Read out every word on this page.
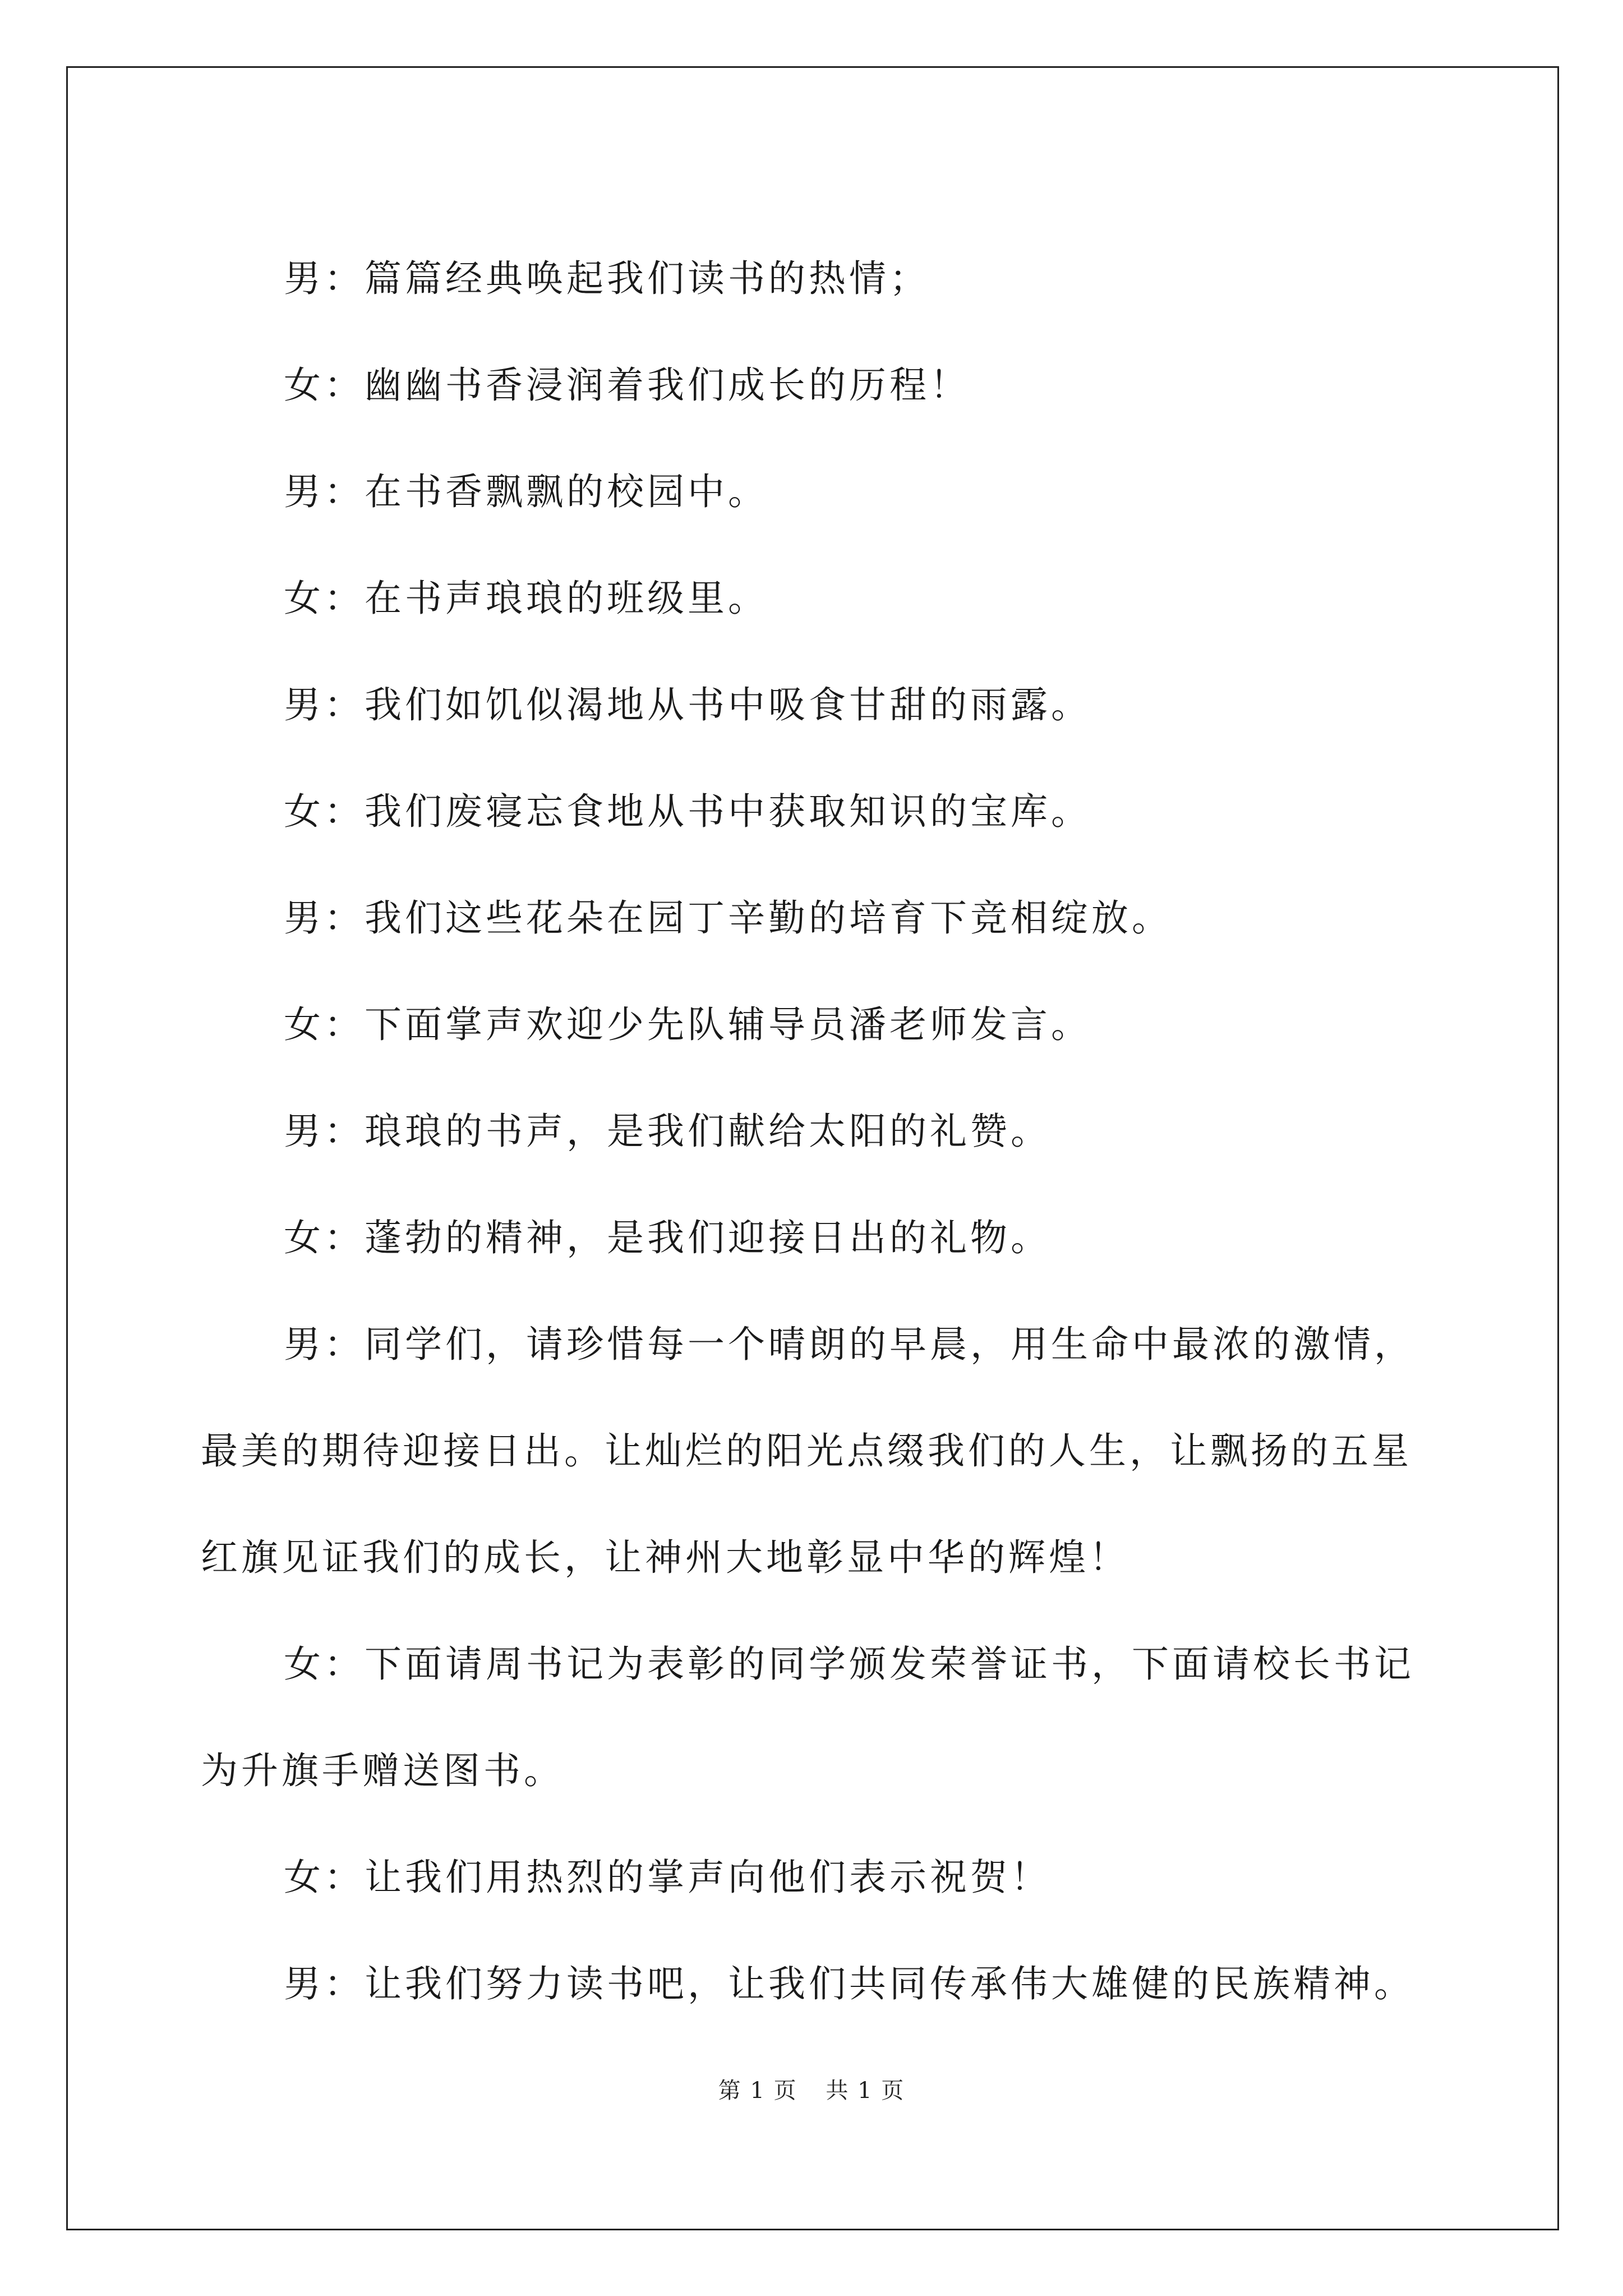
男：篇篇经典唤起我们读书的热情；

女：幽幽书香浸润着我们成长的历程！

男：在书香飘飘的校园中。

女：在书声琅琅的班级里。

男：我们如饥似渴地从书中吸食甘甜的雨露。

女：我们废寝忘食地从书中获取知识的宝库。

男：我们这些花朵在园丁辛勤的培育下竞相绽放。

女：下面掌声欢迎少先队辅导员潘老师发言。

男：琅琅的书声，是我们献给太阳的礼赞。

女：蓬勃的精神，是我们迎接日出的礼物。

男：同学们，请珍惜每一个晴朗的早晨，用生命中最浓的激情，最美的期待迎接日出。让灿烂的阳光点缀我们的人生，让飘扬的五星红旗见证我们的成长，让神州大地彰显中华的辉煌！

女：下面请周书记为表彰的同学颁发荣誉证书，下面请校长书记为升旗手赠送图书。

女：让我们用热烈的掌声向他们表示祝贺！

男：让我们努力读书吧，让我们共同传承伟大雄健的民族精神。

第 1 页 共 1 页
